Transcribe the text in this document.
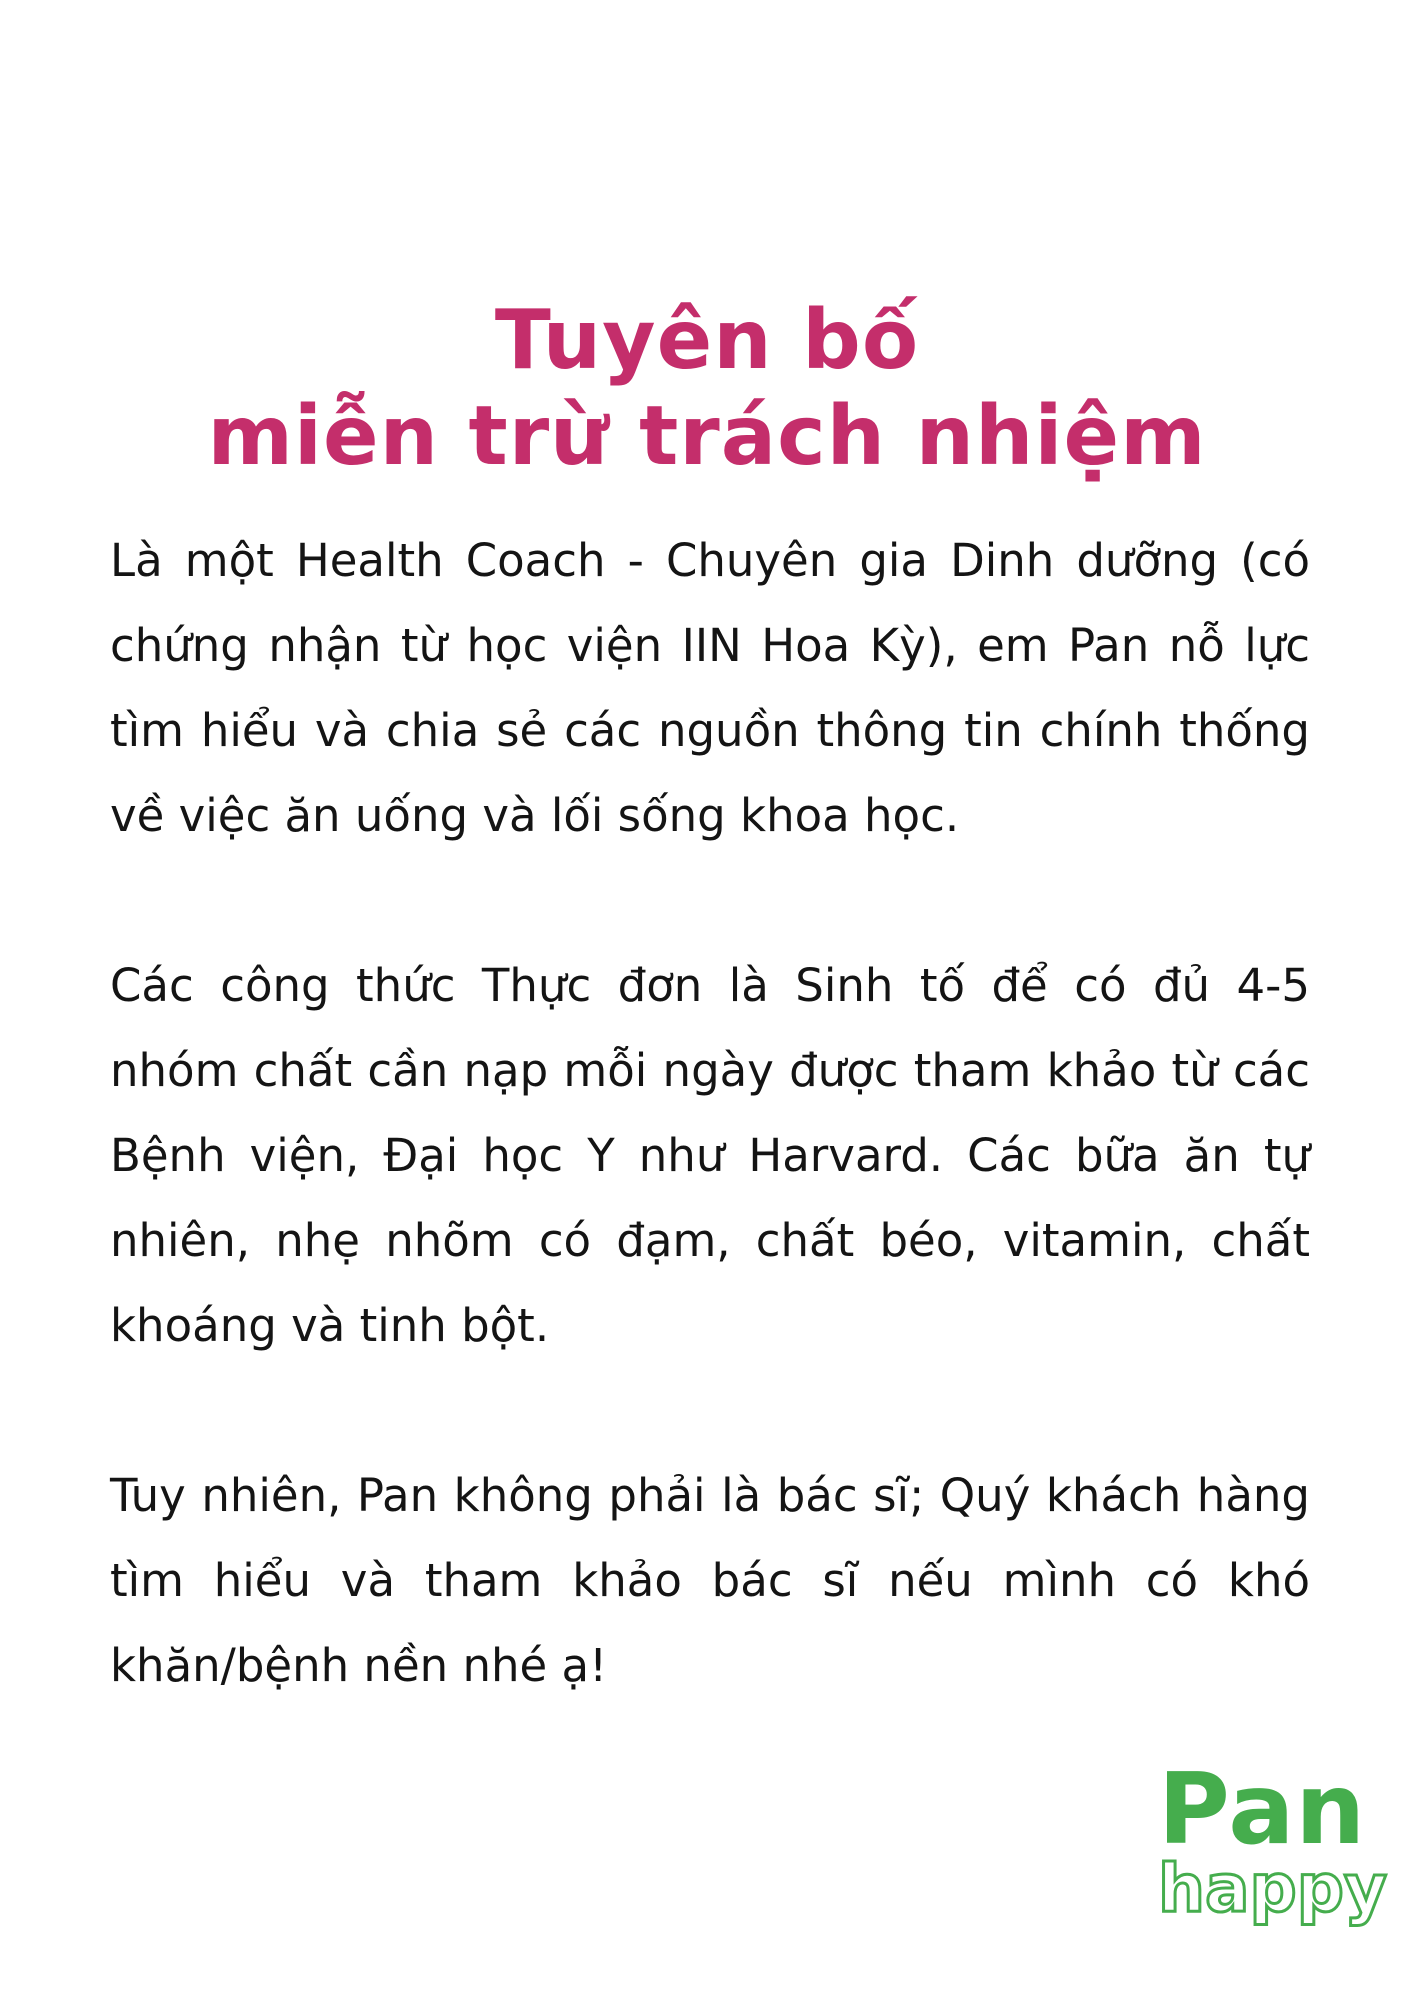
Tuyên bố
miễn trừ trách nhiệm

Là một Health Coach - Chuyên gia Dinh dưỡng (có chứng nhận từ học viện IIN Hoa Kỳ), em Pan nỗ lực tìm hiểu và chia sẻ các nguồn thông tin chính thống về việc ăn uống và lối sống khoa học.

Các công thức Thực đơn là Sinh tố để có đủ 4-5 nhóm chất cần nạp mỗi ngày được tham khảo từ các Bệnh viện, Đại học Y như Harvard. Các bữa ăn tự nhiên, nhẹ nhõm có đạm, chất béo, vitamin, chất khoáng và tinh bột.

Tuy nhiên, Pan không phải là bác sĩ; Quý khách hàng tìm hiểu và tham khảo bác sĩ nếu mình có khó khăn/bệnh nền nhé ạ!

Pan
happy
